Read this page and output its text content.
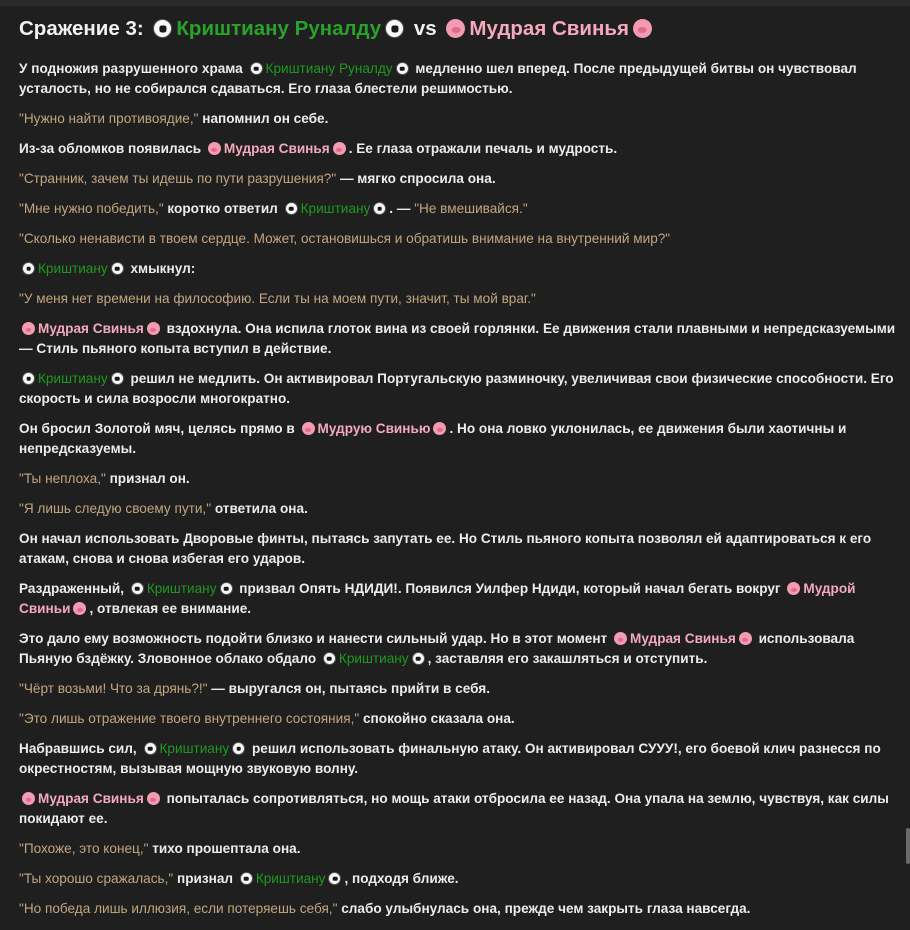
Сражение 3: Криштиану Руналду vs Мудрая Свинья

У подножия разрушенного храма Криштиану Руналду медленно шел вперед. После предыдущей битвы он чувствовал усталость, но не собирался сдаваться. Его глаза блестели решимостью.

"Нужно найти противоядие," напомнил он себе.

Из-за обломков появилась Мудрая Свинья . Ее глаза отражали печаль и мудрость.

"Странник, зачем ты идешь по пути разрушения?" — мягко спросила она.

"Мне нужно победить," коротко ответил Криштиану . — "Не вмешивайся."

"Сколько ненависти в твоем сердце. Может, остановишься и обратишь внимание на внутренний мир?"

Криштиану хмыкнул:

"У меня нет времени на философию. Если ты на моем пути, значит, ты мой враг."

Мудрая Свинья вздохнула. Она испила глоток вина из своей горлянки. Ее движения стали плавными и непредсказуемыми — Стиль пьяного копыта вступил в действие.

Криштиану решил не медлить. Он активировал Португальскую разминочку, увеличивая свои физические способности. Его скорость и сила возросли многократно.

Он бросил Золотой мяч, целясь прямо в Мудрую Свинью . Но она ловко уклонилась, ее движения были хаотичны и непредсказуемы.

"Ты неплоха," признал он.

"Я лишь следую своему пути," ответила она.

Он начал использовать Дворовые финты, пытаясь запутать ее. Но Стиль пьяного копыта позволял ей адаптироваться к его атакам, снова и снова избегая его ударов.

Раздраженный, Криштиану призвал Опять НДИДИ!. Появился Уилфер Ндиди, который начал бегать вокруг Мудрой Свиньи , отвлекая ее внимание.

Это дало ему возможность подойти близко и нанести сильный удар. Но в этот момент Мудрая Свинья использовала Пьяную бздёжку. Зловонное облако обдало Криштиану , заставляя его закашляться и отступить.

"Чёрт возьми! Что за дрянь?!" — выругался он, пытаясь прийти в себя.

"Это лишь отражение твоего внутреннего состояния," спокойно сказала она.

Набравшись сил, Криштиану решил использовать финальную атаку. Он активировал СУУУ!, его боевой клич разнесся по окрестностям, вызывая мощную звуковую волну.

Мудрая Свинья попыталась сопротивляться, но мощь атаки отбросила ее назад. Она упала на землю, чувствуя, как силы покидают ее.

"Похоже, это конец," тихо прошептала она.

"Ты хорошо сражалась," признал Криштиану , подходя ближе.

"Но победа лишь иллюзия, если потеряешь себя," слабо улыбнулась она, прежде чем закрыть глаза навсегда.
